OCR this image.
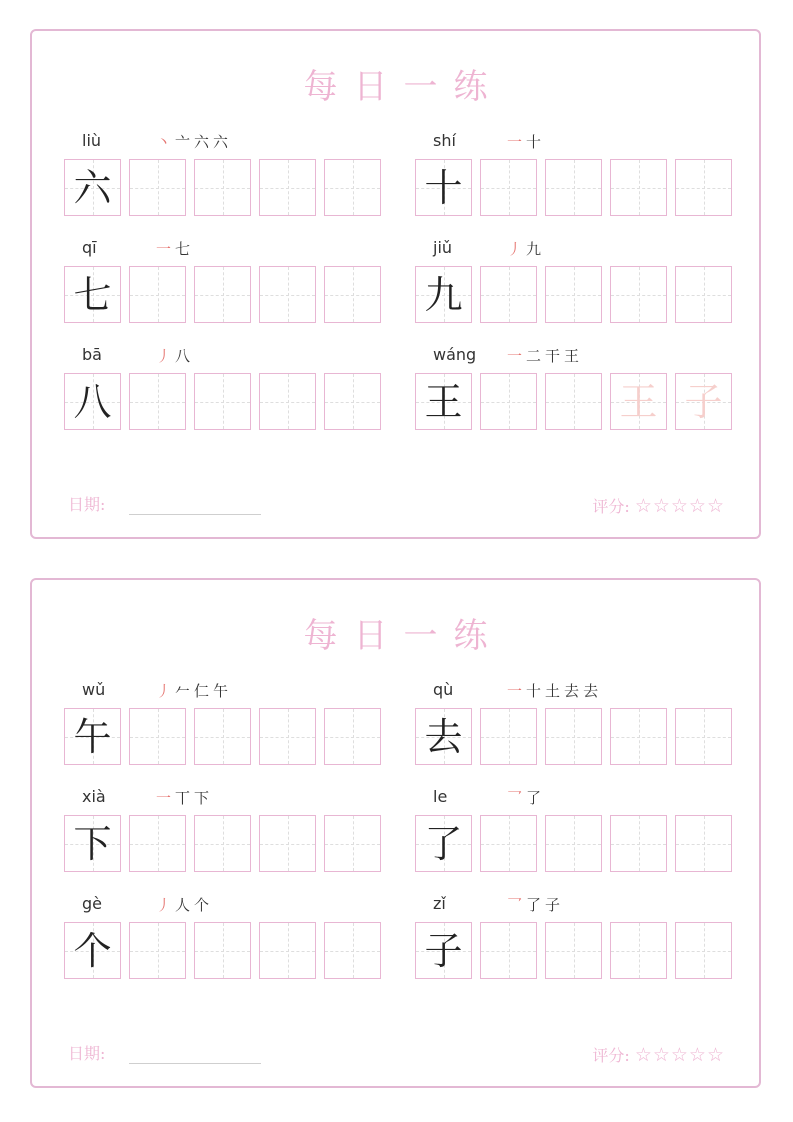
每日一练
liù	丶 亠 六 六
六
shí	一 十
十
qī	一 七
七
jiǔ	丿 九
九
bā	丿 八
八
wáng 一 二 干 王
王	王 子
日期:	评分: ☆☆☆☆☆
每日一练
wǔ	丿 𠂉 仁 午
午
qù	一 十 土 去 去
去
xià	一 丅 下
下
le	乛 了
了
gè	丿 人 个
个
zǐ	乛 了 子
子
日期:	评分: ☆☆☆☆☆
